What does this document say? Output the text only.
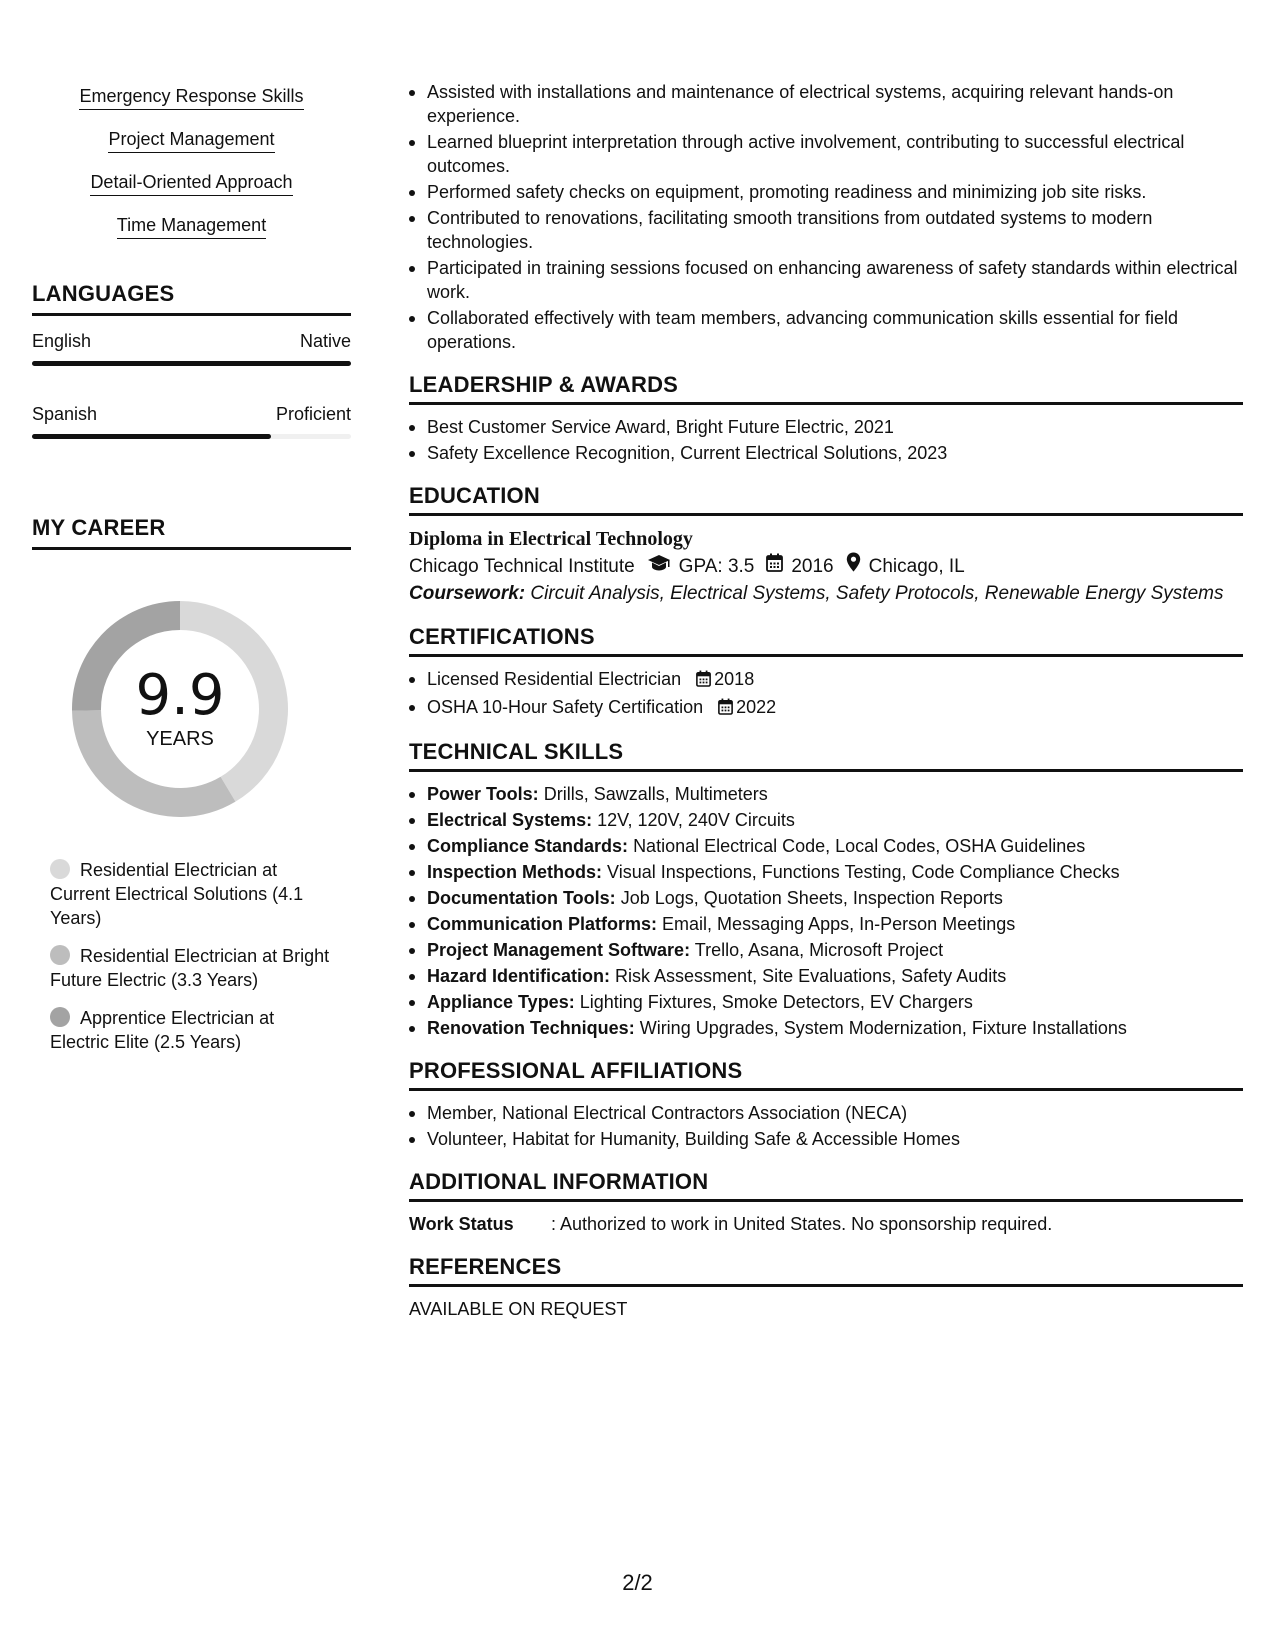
Emergency Response Skills
Project Management
Detail-Oriented Approach
Time Management
LANGUAGES
English	Native
Spanish	Proficient
MY CAREER
9.9
YEARS
Residential Electrician at Current Electrical Solutions (4.1 Years)
Residential Electrician at Bright Future Electric (3.3 Years)
Apprentice Electrician at Electric Elite (2.5 Years)
Assisted with installations and maintenance of electrical systems, acquiring relevant hands-on experience.
Learned blueprint interpretation through active involvement, contributing to successful electrical outcomes.
Performed safety checks on equipment, promoting readiness and minimizing job site risks.
Contributed to renovations, facilitating smooth transitions from outdated systems to modern technologies.
Participated in training sessions focused on enhancing awareness of safety standards within electrical work.
Collaborated effectively with team members, advancing communication skills essential for field operations.
LEADERSHIP & AWARDS
Best Customer Service Award, Bright Future Electric, 2021
Safety Excellence Recognition, Current Electrical Solutions, 2023
EDUCATION
Diploma in Electrical Technology
Chicago Technical Institute GPA: 3.5 2016 Chicago, IL
Coursework: Circuit Analysis, Electrical Systems, Safety Protocols, Renewable Energy Systems
CERTIFICATIONS
Licensed Residential Electrician 2018
OSHA 10-Hour Safety Certification 2022
TECHNICAL SKILLS
Power Tools: Drills, Sawzalls, Multimeters
Electrical Systems: 12V, 120V, 240V Circuits
Compliance Standards: National Electrical Code, Local Codes, OSHA Guidelines
Inspection Methods: Visual Inspections, Functions Testing, Code Compliance Checks
Documentation Tools: Job Logs, Quotation Sheets, Inspection Reports
Communication Platforms: Email, Messaging Apps, In-Person Meetings
Project Management Software: Trello, Asana, Microsoft Project
Hazard Identification: Risk Assessment, Site Evaluations, Safety Audits
Appliance Types: Lighting Fixtures, Smoke Detectors, EV Chargers
Renovation Techniques: Wiring Upgrades, System Modernization, Fixture Installations
PROFESSIONAL AFFILIATIONS
Member, National Electrical Contractors Association (NECA)
Volunteer, Habitat for Humanity, Building Safe & Accessible Homes
ADDITIONAL INFORMATION
Work Status	: Authorized to work in United States. No sponsorship required.
REFERENCES
AVAILABLE ON REQUEST
2/2
